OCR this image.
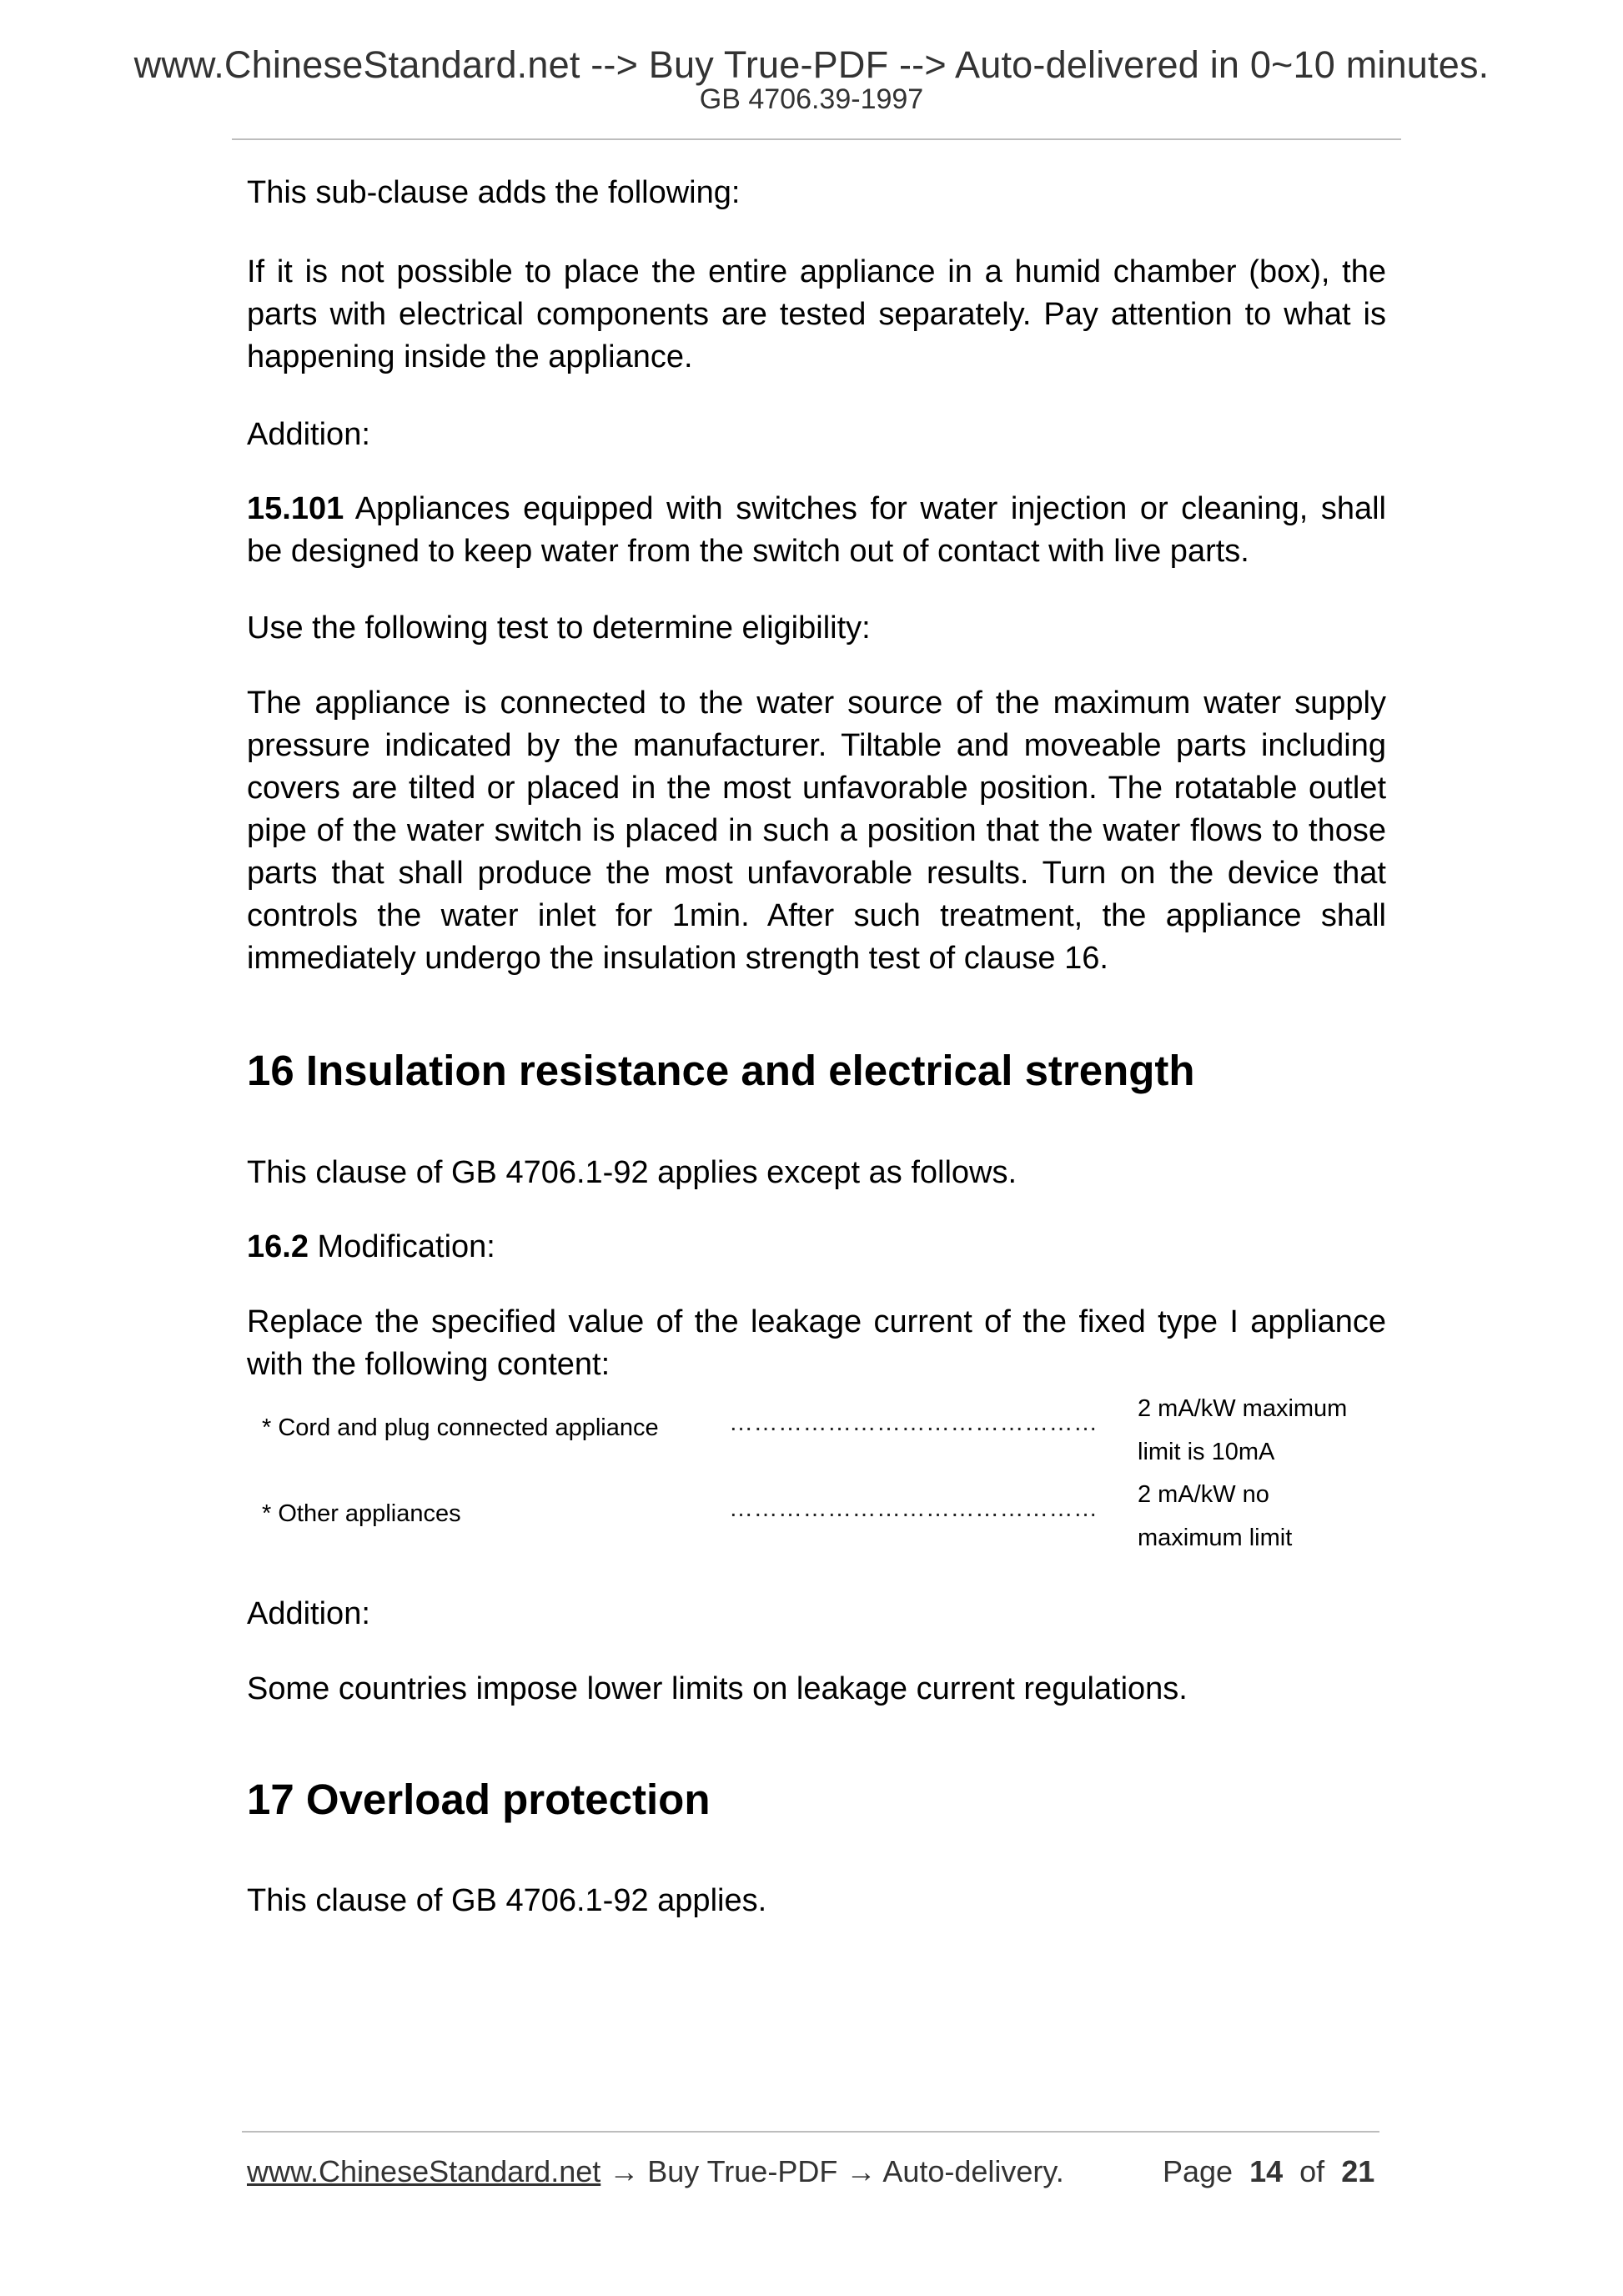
www.ChineseStandard.net --> Buy True-PDF --> Auto-delivered in 0~10 minutes.
GB 4706.39-1997

This sub-clause adds the following:

If it is not possible to place the entire appliance in a humid chamber (box), the parts with electrical components are tested separately. Pay attention to what is happening inside the appliance.

Addition:

15.101 Appliances equipped with switches for water injection or cleaning, shall be designed to keep water from the switch out of contact with live parts.

Use the following test to determine eligibility:

The appliance is connected to the water source of the maximum water supply pressure indicated by the manufacturer. Tiltable and moveable parts including covers are tilted or placed in the most unfavorable position. The rotatable outlet pipe of the water switch is placed in such a position that the water flows to those parts that shall produce the most unfavorable results. Turn on the device that controls the water inlet for 1min. After such treatment, the appliance shall immediately undergo the insulation strength test of clause 16.

16 Insulation resistance and electrical strength

This clause of GB 4706.1-92 applies except as follows.

16.2 Modification:

Replace the specified value of the leakage current of the fixed type I appliance with the following content:

* Cord and plug connected appliance	………………………………………
2 mA/kW maximum
limit is 10mA
* Other appliances	………………………………………
2 mA/kW no
maximum limit

Addition:

Some countries impose lower limits on leakage current regulations.

17 Overload protection

This clause of GB 4706.1-92 applies.

www.ChineseStandard.net → Buy True-PDF → Auto-delivery.	Page 14 of 21
